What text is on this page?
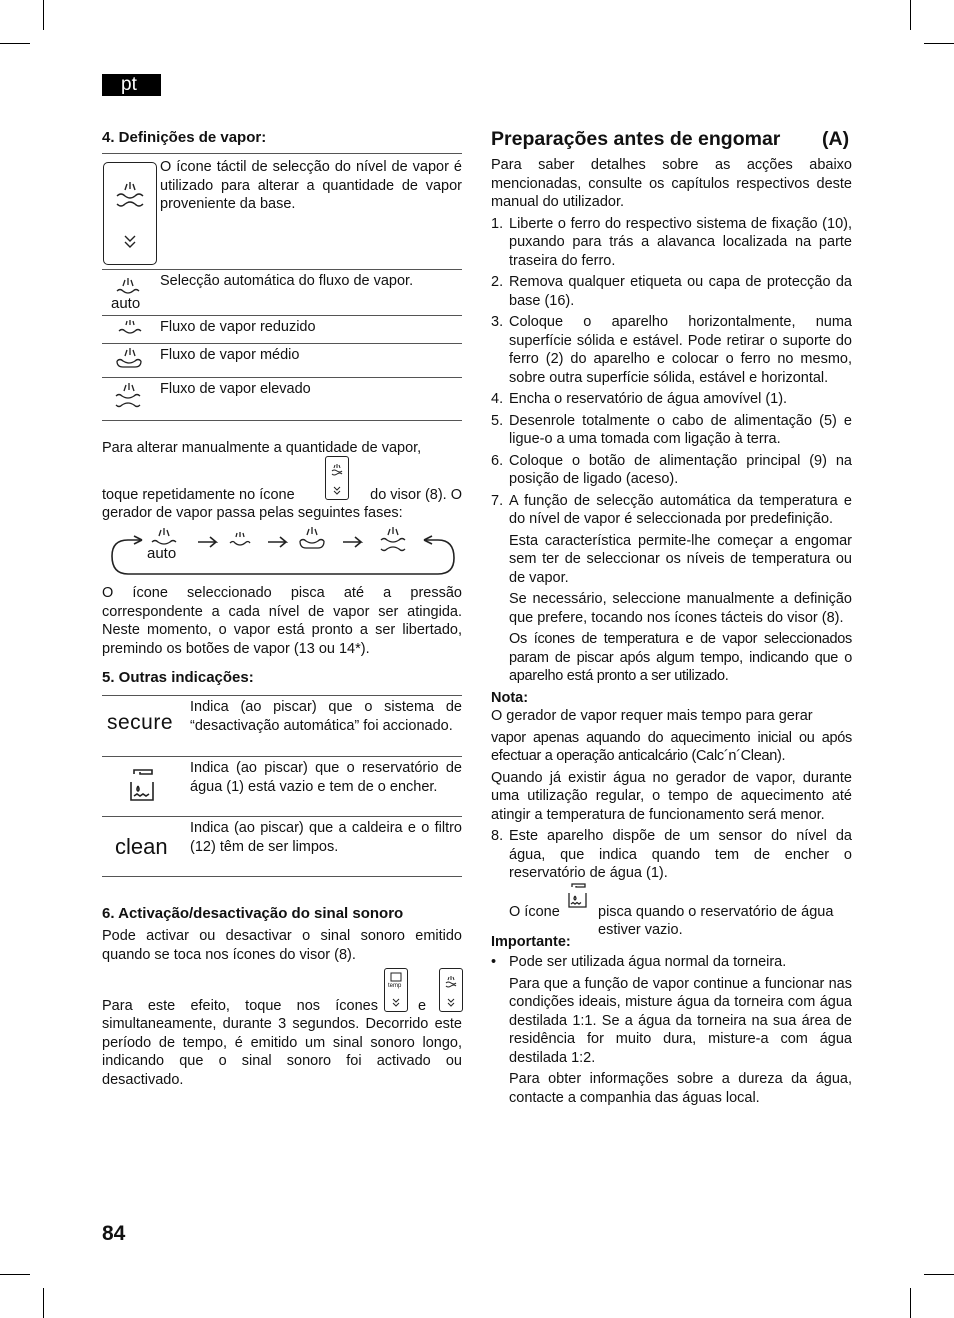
pt
4. Definições de vapor:

O ícone táctil de selecção do nível de vapor é utilizado para alterar a quantidade de vapor proveniente da base.

auto

Selecção automática do fluxo de vapor.

Fluxo de vapor reduzido

Fluxo de vapor médio

Fluxo de vapor elevado

Para alterar manualmente a quantidade de vapor,

toque repetidamente no ícone	do visor (8). O

gerador de vapor passa pelas seguintes fases:

auto

O ícone seleccionado pisca até a pressão correspondente a cada nível de vapor ser atingida. Neste momento, o vapor está pronto a ser libertado, premindo os botões de vapor (13 ou 14*).

5. Outras indicações:
secure

Indica (ao piscar) que o sistema de “desactivação automática” foi accionado.

Indica (ao piscar) que o reservatório de água (1) está vazio e tem de o encher.

clean

Indica (ao piscar) que a caldeira e o filtro (12) têm de ser limpos.

6. Activação/desactivação do sinal sonoro

Pode activar ou desactivar o sinal sonoro emitido quando se toca nos ícones do visor (8).

temp

Para este efeito, toque nos ícones	e

simultaneamente, durante 3 segundos. Decorrido este período de tempo, é emitido um sinal sonoro longo, indicando que o sinal sonoro foi activado ou desactivado.

Preparações antes de engomar (A)

Para saber detalhes sobre as acções abaixo mencionadas, consulte os capítulos respectivos deste manual do utilizador.

1. Liberte o ferro do respectivo sistema de fixação (10), puxando para trás a alavanca localizada na parte traseira do ferro.
2. Remova qualquer etiqueta ou capa de protecção da base (16).
3. Coloque o aparelho horizontalmente, numa superfície sólida e estável. Pode retirar o suporte do ferro (2) do aparelho e colocar o ferro no mesmo, sobre outra superfície sólida, estável e horizontal.
4. Encha o reservatório de água amovível (1).
5. Desenrole totalmente o cabo de alimentação (5) e ligue-o a uma tomada com ligação à terra.
6. Coloque o botão de alimentação principal (9) na posição de ligado (aceso).
7. A função de selecção automática da temperatura e do nível de vapor é seleccionada por predefinição.

Esta característica permite-lhe começar a engomar sem ter de seleccionar os níveis de temperatura ou de vapor.

Se necessário, seleccione manualmente a definição que prefere, tocando nos ícones tácteis do visor (8).

Os ícones de temperatura e de vapor seleccionados param de piscar após algum tempo, indicando que o aparelho está pronto a ser utilizado.

Nota:

O gerador de vapor requer mais tempo para gerar

vapor apenas aquando do aquecimento inicial ou após efectuar a operação anticalcário (Calc´n´Clean).

Quando já existir água no gerador de vapor, durante uma utilização regular, o tempo de aquecimento até atingir a temperatura de funcionamento será menor.

8. Este aparelho dispõe de um sensor do nível da água, que indica quando tem de encher o reservatório de água (1).
O ícone	pisca quando o reservatório de água estiver vazio.

Importante:

• Pode ser utilizada água normal da torneira.

Para que a função de vapor continue a funcionar nas condições ideais, misture água da torneira com água destilada 1:1. Se a água da torneira na sua área de residência for muito dura, misture-a com água destilada 1:2.

Para obter informações sobre a dureza da água, contacte a companhia das águas local.

84
